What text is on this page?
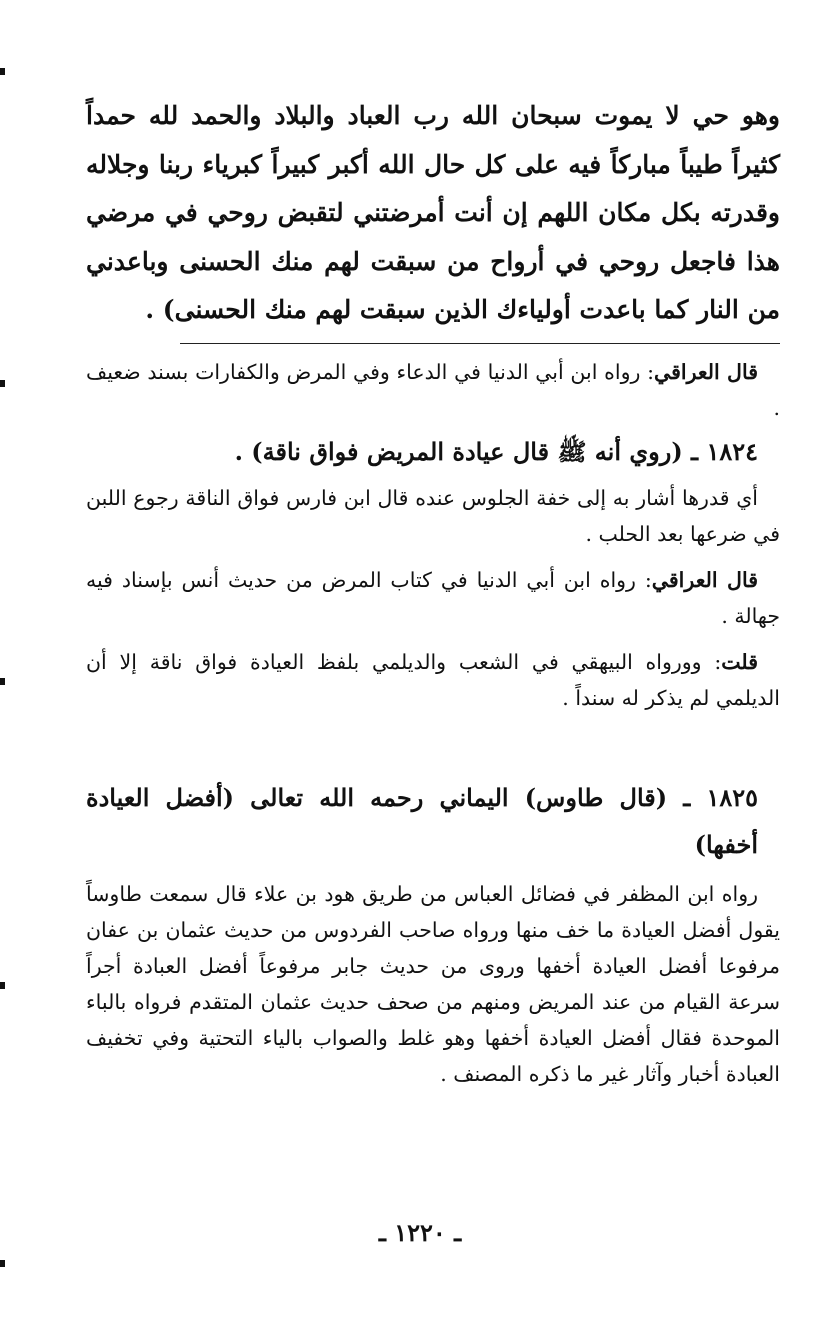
وهو حي لا يموت سبحان الله رب العباد والبلاد والحمد لله حمداً كثيراً طيباً مباركاً فيه على كل حال الله أكبر كبيراً كبرياء ربنا وجلاله وقدرته بكل مكان اللهم إن أنت أمرضتني لتقبض روحي في مرضي هذا فاجعل روحي في أرواح من سبقت لهم منك الحسنى وباعدني من النار كما باعدت أولياءك الذين سبقت لهم منك الحسنى) .

قال العراقي: رواه ابن أبي الدنيا في الدعاء وفي المرض والكفارات بسند ضعيف .

١٨٢٤ ـ (روي أنه ﷺ قال عيادة المريض فواق ناقة) .

أي قدرها أشار به إلى خفة الجلوس عنده قال ابن فارس فواق الناقة رجوع اللبن في ضرعها بعد الحلب .

قال العراقي: رواه ابن أبي الدنيا في كتاب المرض من حديث أنس بإسناد فيه جهالة .

قلت: وورواه البيهقي في الشعب والديلمي بلفظ العيادة فواق ناقة إلا أن الديلمي لم يذكر له سنداً .

١٨٢٥ ـ (قال طاوس) اليماني رحمه الله تعالى (أفضل العيادة أخفها)

رواه ابن المظفر في فضائل العباس من طريق هود بن علاء قال سمعت طاوساً يقول أفضل العيادة ما خف منها ورواه صاحب الفردوس من حديث عثمان بن عفان مرفوعا أفضل العيادة أخفها وروى من حديث جابر مرفوعاً أفضل العبادة أجراً سرعة القيام من عند المريض ومنهم من صحف حديث عثمان المتقدم فرواه بالباء الموحدة فقال أفضل العيادة أخفها وهو غلط والصواب بالياء التحتية وفي تخفيف العبادة أخبار وآثار غير ما ذكره المصنف .

ـ ١٢٢٠ ـ
